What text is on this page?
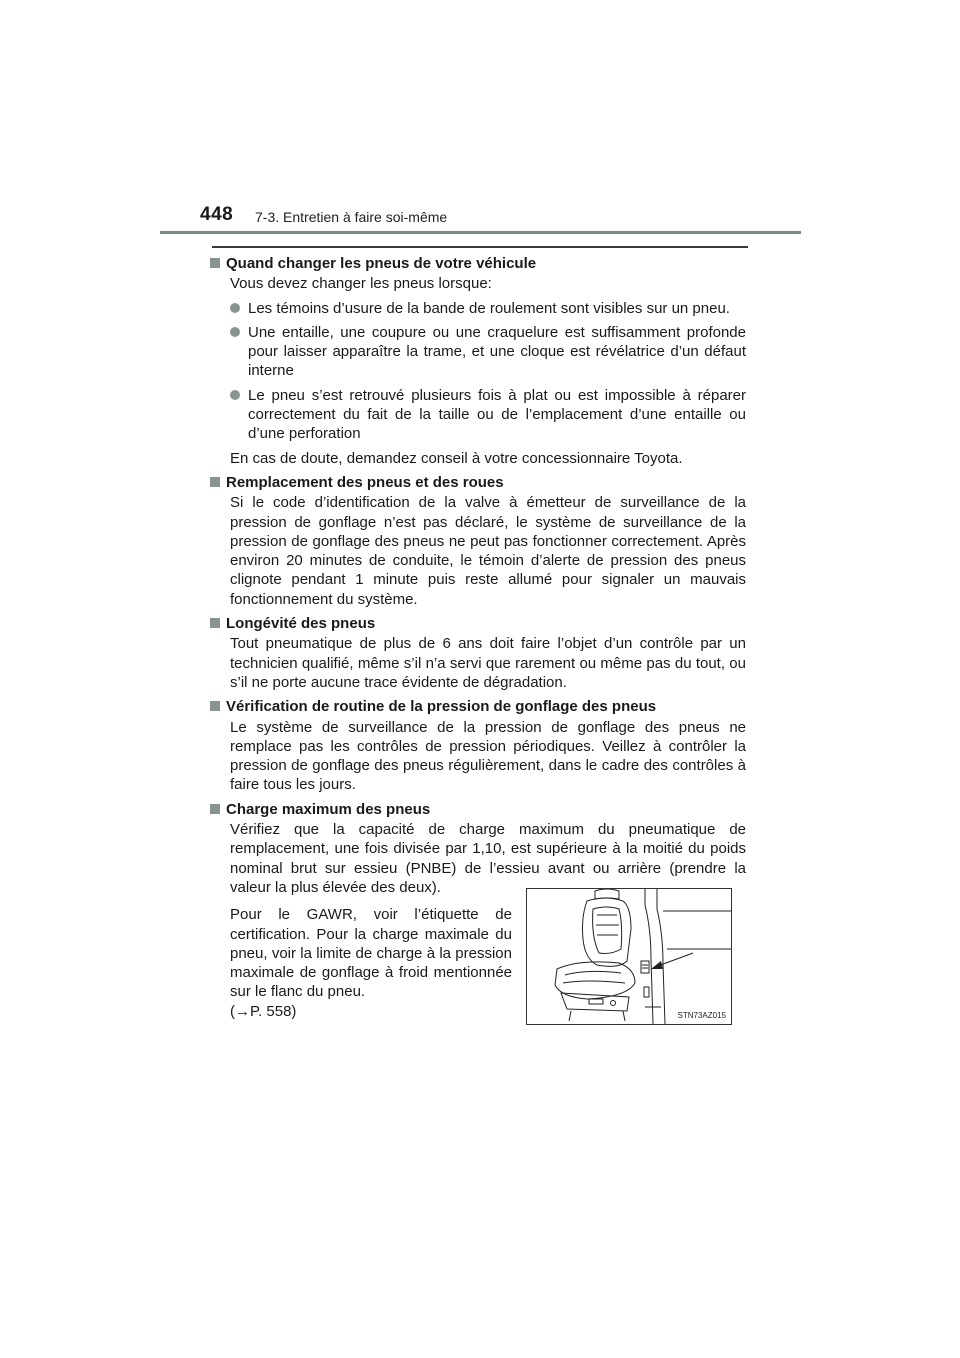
448 7-3. Entretien à faire soi-même

Quand changer les pneus de votre véhicule

Vous devez changer les pneus lorsque:

Les témoins d’usure de la bande de roulement sont visibles sur un pneu.
Une entaille, une coupure ou une craquelure est suffisamment profonde pour laisser apparaître la trame, et une cloque est révélatrice d’un défaut interne
Le pneu s’est retrouvé plusieurs fois à plat ou est impossible à réparer correctement du fait de la taille ou de l’emplacement d’une entaille ou d’une perforation

En cas de doute, demandez conseil à votre concessionnaire Toyota.

Remplacement des pneus et des roues

Si le code d’identification de la valve à émetteur de surveillance de la pression de gonflage n’est pas déclaré, le système de surveillance de la pression de gonflage des pneus ne peut pas fonctionner correctement. Après environ 20 minutes de conduite, le témoin d’alerte de pression des pneus clignote pendant 1 minute puis reste allumé pour signaler un mauvais fonctionnement du système.

Longévité des pneus

Tout pneumatique de plus de 6 ans doit faire l’objet d’un contrôle par un technicien qualifié, même s’il n’a servi que rarement ou même pas du tout, ou s’il ne porte aucune trace évidente de dégradation.

Vérification de routine de la pression de gonflage des pneus

Le système de surveillance de la pression de gonflage des pneus ne remplace pas les contrôles de pression périodiques. Veillez à contrôler la pression de gonflage des pneus régulièrement, dans le cadre des contrôles à faire tous les jours.

Charge maximum des pneus

Vérifiez que la capacité de charge maximum du pneumatique de remplacement, une fois divisée par 1,10, est supérieure à la moitié du poids nominal brut sur essieu (PNBE) de l’essieu avant ou arrière (prendre la valeur la plus élevée des deux).

Pour le GAWR, voir l’étiquette de certification. Pour la charge maximale du pneu, voir la limite de charge à la pression maximale de gonflage à froid mentionnée sur le flanc du pneu.
(→P. 558)	STN73AZ015
